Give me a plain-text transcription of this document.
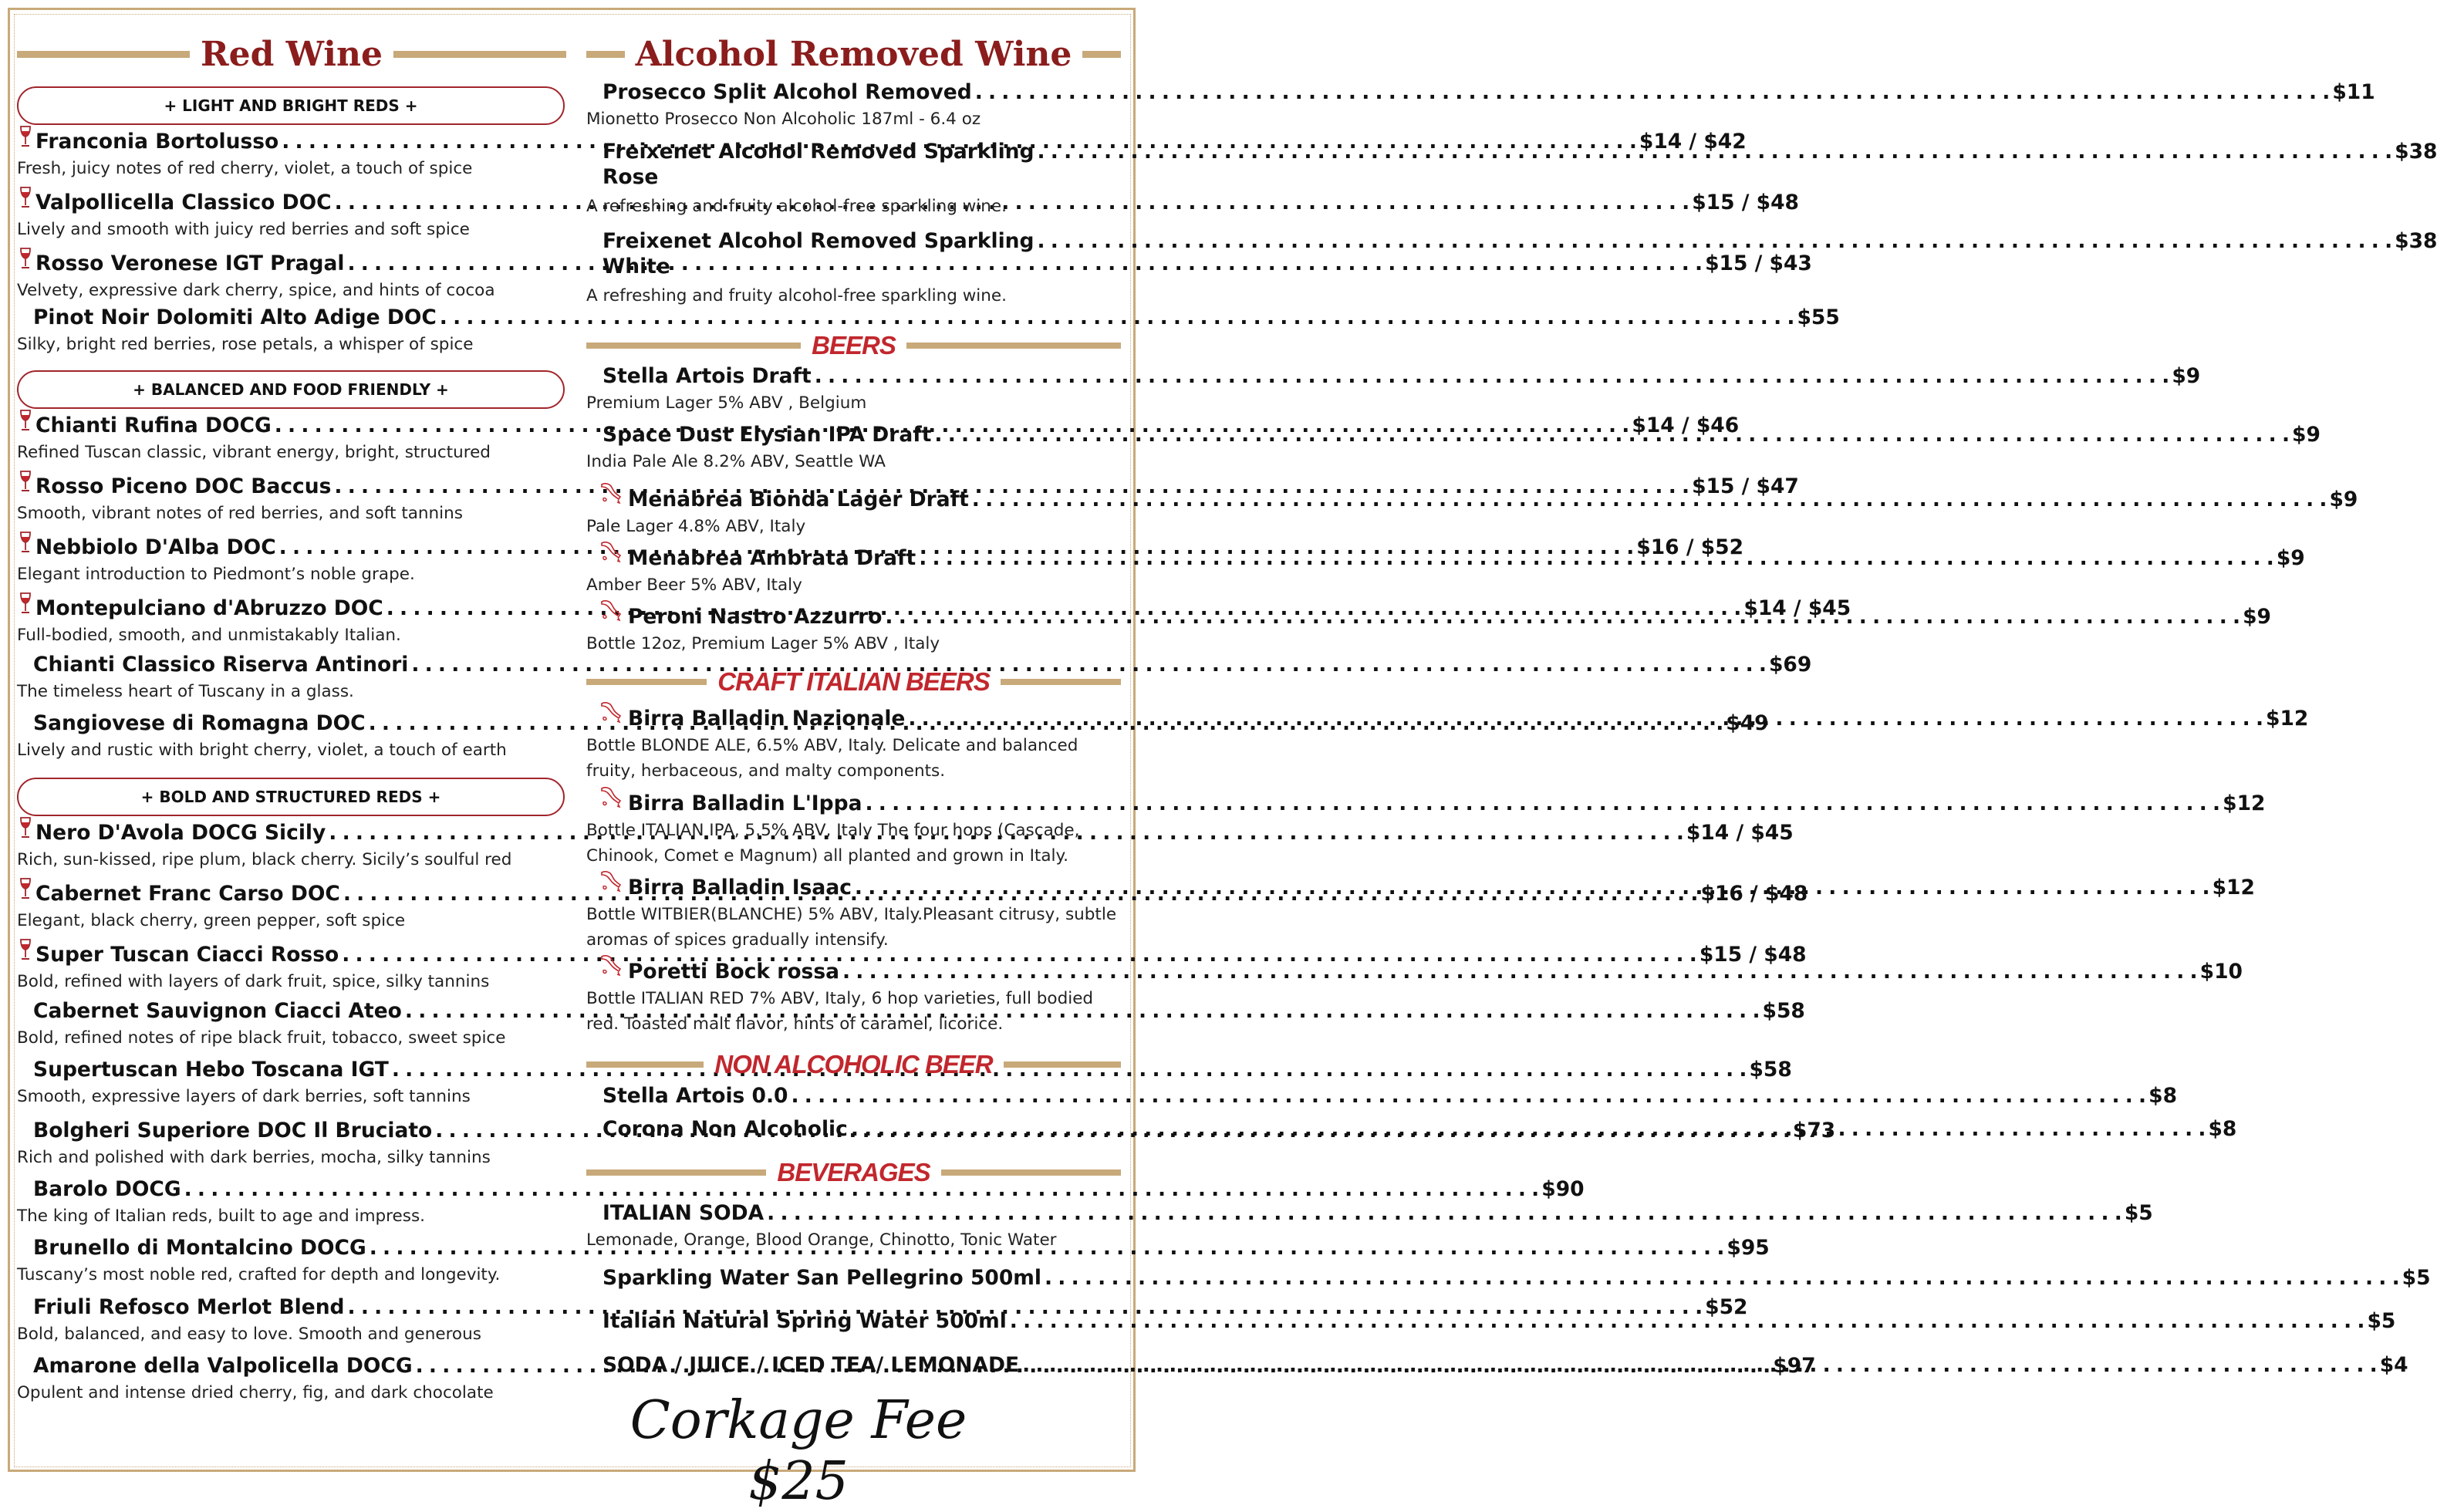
Red Wine
+ LIGHT AND BRIGHT REDS +
Franconia Bortolusso . . .	$14 / $42
Fresh, juicy notes of red cherry, violet, a touch of spice
Valpollicella Classico DOC . . .	$15 / $48
Lively and smooth with juicy red berries and soft spice
Rosso Veronese IGT Pragal . . .	$15 / $43
Velvety, expressive dark cherry, spice, and hints of cocoa
Pinot Noir Dolomiti Alto Adige DOC . . .	$55
Silky, bright red berries, rose petals, a whisper of spice
+ BALANCED AND FOOD FRIENDLY +
Chianti Rufina DOCG . . .	$14 / $46
Refined Tuscan classic, vibrant energy, bright, structured
Rosso Piceno DOC Baccus . . .	$15 / $47
Smooth, vibrant notes of red berries, and soft tannins
Nebbiolo D'Alba DOC . . .	$16 / $52
Elegant introduction to Piedmont’s noble grape.
Montepulciano d'Abruzzo DOC . . .	$14 / $45
Full-bodied, smooth, and unmistakably Italian.
Chianti Classico Riserva Antinori . . .	$69
The timeless heart of Tuscany in a glass.
Sangiovese di Romagna DOC . . .	$49
Lively and rustic with bright cherry, violet, a touch of earth
+ BOLD AND STRUCTURED REDS +
Nero D'Avola DOCG Sicily . . .	$14 / $45
Rich, sun-kissed, ripe plum, black cherry. Sicily’s soulful red
Cabernet Franc Carso DOC . . .	$16 / $48
Elegant, black cherry, green pepper, soft spice
Super Tuscan Ciacci Rosso . . .	$15 / $48
Bold, refined with layers of dark fruit, spice, silky tannins
Cabernet Sauvignon Ciacci Ateo . . .	$58
Bold, refined notes of ripe black fruit, tobacco, sweet spice
Supertuscan Hebo Toscana IGT . . .	$58
Smooth, expressive layers of dark berries, soft tannins
Bolgheri Superiore DOC Il Bruciato . . .	$73
Rich and polished with dark berries, mocha, silky tannins
Barolo DOCG . . .	$90
The king of Italian reds, built to age and impress.
Brunello di Montalcino DOCG . . .	$95
Tuscany’s most noble red, crafted for depth and longevity.
Friuli Refosco Merlot Blend . . .	$52
Bold, balanced, and easy to love. Smooth and generous
Amarone della Valpolicella DOCG . . .	$97
Opulent and intense dried cherry, fig, and dark chocolate
Alcohol Removed Wine
Prosecco Split Alcohol Removed . . .	$11
Mionetto Prosecco Non Alcoholic 187ml - 6.4 oz
Freixenet Alcohol Removed Sparkling . . .	$38
Rose
A refreshing and fruity alcohol-free sparkling wine.
Freixenet Alcohol Removed Sparkling . . .	$38
White
A refreshing and fruity alcohol-free sparkling wine.
BEERS
Stella Artois Draft . . .	$9
Premium Lager 5% ABV , Belgium
Space Dust Elysian IPA Draft . . .	$9
India Pale Ale 8.2% ABV, Seattle WA
Menabrea Bionda Lager Draft . . .	$9
Pale Lager 4.8% ABV, Italy
Menabrea Ambrata Draft . . .	$9
Amber Beer 5% ABV, Italy
Peroni Nastro Azzurro . . .	$9
Bottle 12oz, Premium Lager 5% ABV , Italy
CRAFT ITALIAN BEERS
Birra Balladin Nazionale . . .	$12
Bottle BLONDE ALE, 6.5% ABV, Italy. Delicate and balanced fruity, herbaceous, and malty components.
Birra Balladin L'Ippa . . .	$12
Bottle ITALIAN IPA, 5.5% ABV, Italy The four hops (Cascade, Chinook, Comet e Magnum) all planted and grown in Italy.
Birra Balladin Isaac . . .	$12
Bottle WITBIER(BLANCHE) 5% ABV, Italy.Pleasant citrusy, subtle aromas of spices gradually intensify.
Poretti Bock rossa . . .	$10
Bottle ITALIAN RED 7% ABV, Italy, 6 hop varieties, full bodied red. Toasted malt flavor, hints of caramel, licorice.
NON ALCOHOLIC BEER
Stella Artois 0.0 . . .	$8
Corona Non Alcoholic . . .	$8
BEVERAGES
ITALIAN SODA . . .	$5
Lemonade, Orange, Blood Orange, Chinotto, Tonic Water
Sparkling Water San Pellegrino 500ml . . .	$5
Italian Natural Spring Water 500ml . . .	$5
SODA / JUICE / ICED TEA/ LEMONADE . . .	$4
Corkage Fee $25
